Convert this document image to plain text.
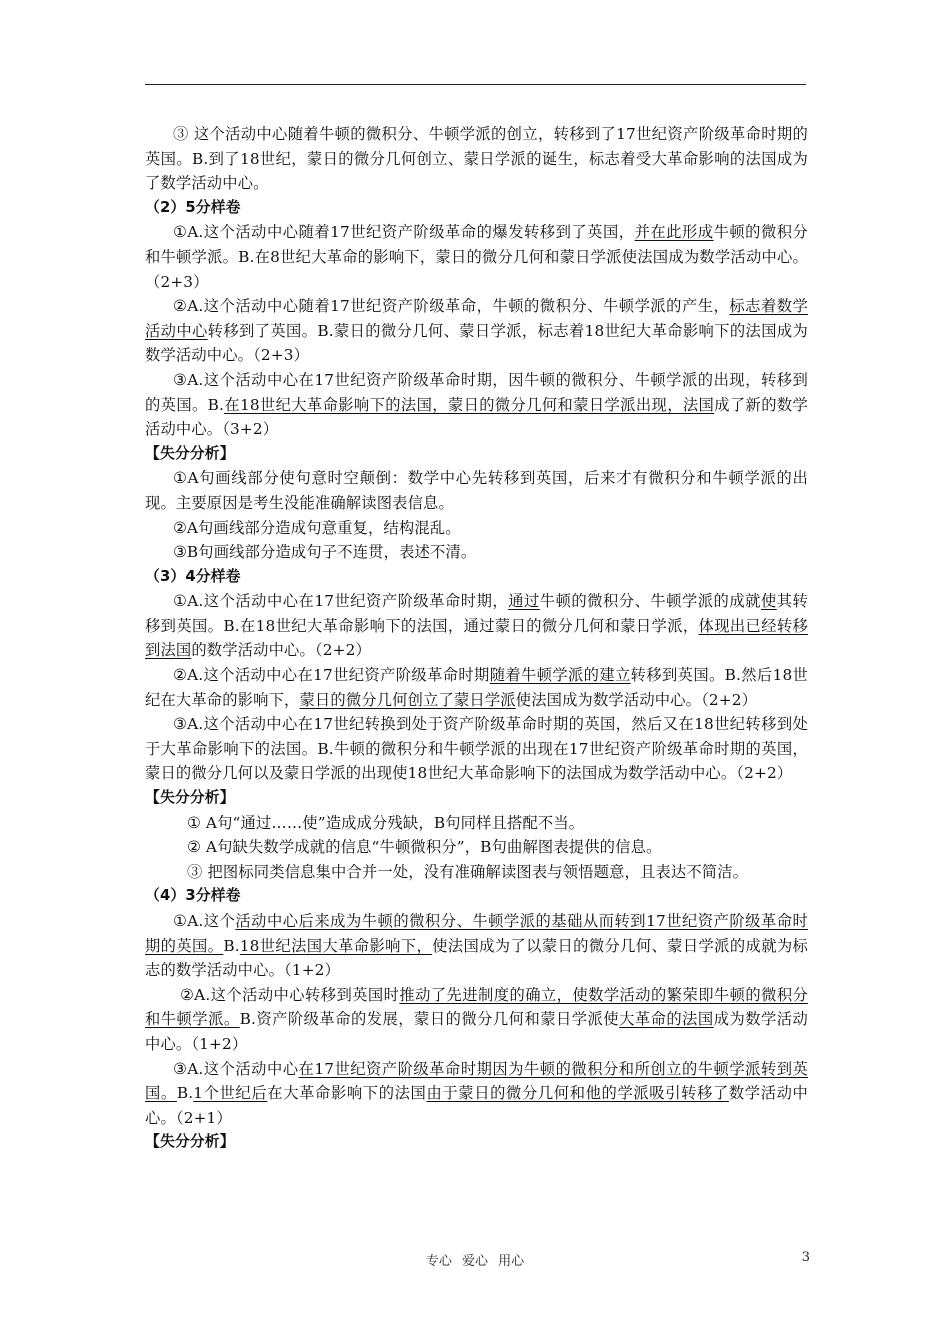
③ 这个活动中心随着牛顿的微积分、牛顿学派的创立，转移到了17世纪资产阶级革命时期的英国。B.到了18世纪，蒙日的微分几何创立、蒙日学派的诞生，标志着受大革命影响的法国成为了数学活动中心。

（2）5分样卷

①A.这个活动中心随着17世纪资产阶级革命的爆发转移到了英国，并在此形成牛顿的微积分和牛顿学派。B.在8世纪大革命的影响下，蒙日的微分几何和蒙日学派使法国成为数学活动中心。（2+3）

②A.这个活动中心随着17世纪资产阶级革命，牛顿的微积分、牛顿学派的产生，标志着数学活动中心转移到了英国。B.蒙日的微分几何、蒙日学派，标志着18世纪大革命影响下的法国成为数学活动中心。（2+3）

③A.这个活动中心在17世纪资产阶级革命时期，因牛顿的微积分、牛顿学派的出现，转移到的英国。B.在18世纪大革命影响下的法国，蒙日的微分几何和蒙日学派出现，法国成了新的数学活动中心。（3+2）

【失分分析】

①A句画线部分使句意时空颠倒：数学中心先转移到英国，后来才有微积分和牛顿学派的出现。主要原因是考生没能准确解读图表信息。

②A句画线部分造成句意重复，结构混乱。

③B句画线部分造成句子不连贯，表述不清。

（3）4分样卷

①A.这个活动中心在17世纪资产阶级革命时期，通过牛顿的微积分、牛顿学派的成就使其转移到英国。B.在18世纪大革命影响下的法国，通过蒙日的微分几何和蒙日学派，体现出已经转移到法国的数学活动中心。（2+2）

②A.这个活动中心在17世纪资产阶级革命时期随着牛顿学派的建立转移到英国。B.然后18世纪在大革命的影响下，蒙日的微分几何创立了蒙日学派使法国成为数学活动中心。（2+2）

③A.这个活动中心在17世纪转换到处于资产阶级革命时期的英国，然后又在18世纪转移到处于大革命影响下的法国。B.牛顿的微积分和牛顿学派的出现在17世纪资产阶级革命时期的英国，蒙日的微分几何以及蒙日学派的出现使18世纪大革命影响下的法国成为数学活动中心。（2+2）

【失分分析】

① A句“通过……使”造成成分残缺，B句同样且搭配不当。

② A句缺失数学成就的信息“牛顿微积分”，B句曲解图表提供的信息。

③ 把图标同类信息集中合并一处，没有准确解读图表与领悟题意，且表达不简洁。

（4）3分样卷

①A.这个活动中心后来成为牛顿的微积分、牛顿学派的基础从而转到17世纪资产阶级革命时期的英国。B.18世纪法国大革命影响下，使法国成为了以蒙日的微分几何、蒙日学派的成就为标志的数学活动中心。（1+2）

②A.这个活动中心转移到英国时推动了先进制度的确立，使数学活动的繁荣即牛顿的微积分和牛顿学派。B.资产阶级革命的发展，蒙日的微分几何和蒙日学派使大革命的法国成为数学活动中心。（1+2）

③A.这个活动中心在17世纪资产阶级革命时期因为牛顿的微积分和所创立的牛顿学派转到英国。B.1个世纪后在大革命影响下的法国由于蒙日的微分几何和他的学派吸引转移了数学活动中心。（2+1）

【失分分析】

专心 爱心 用心	3
